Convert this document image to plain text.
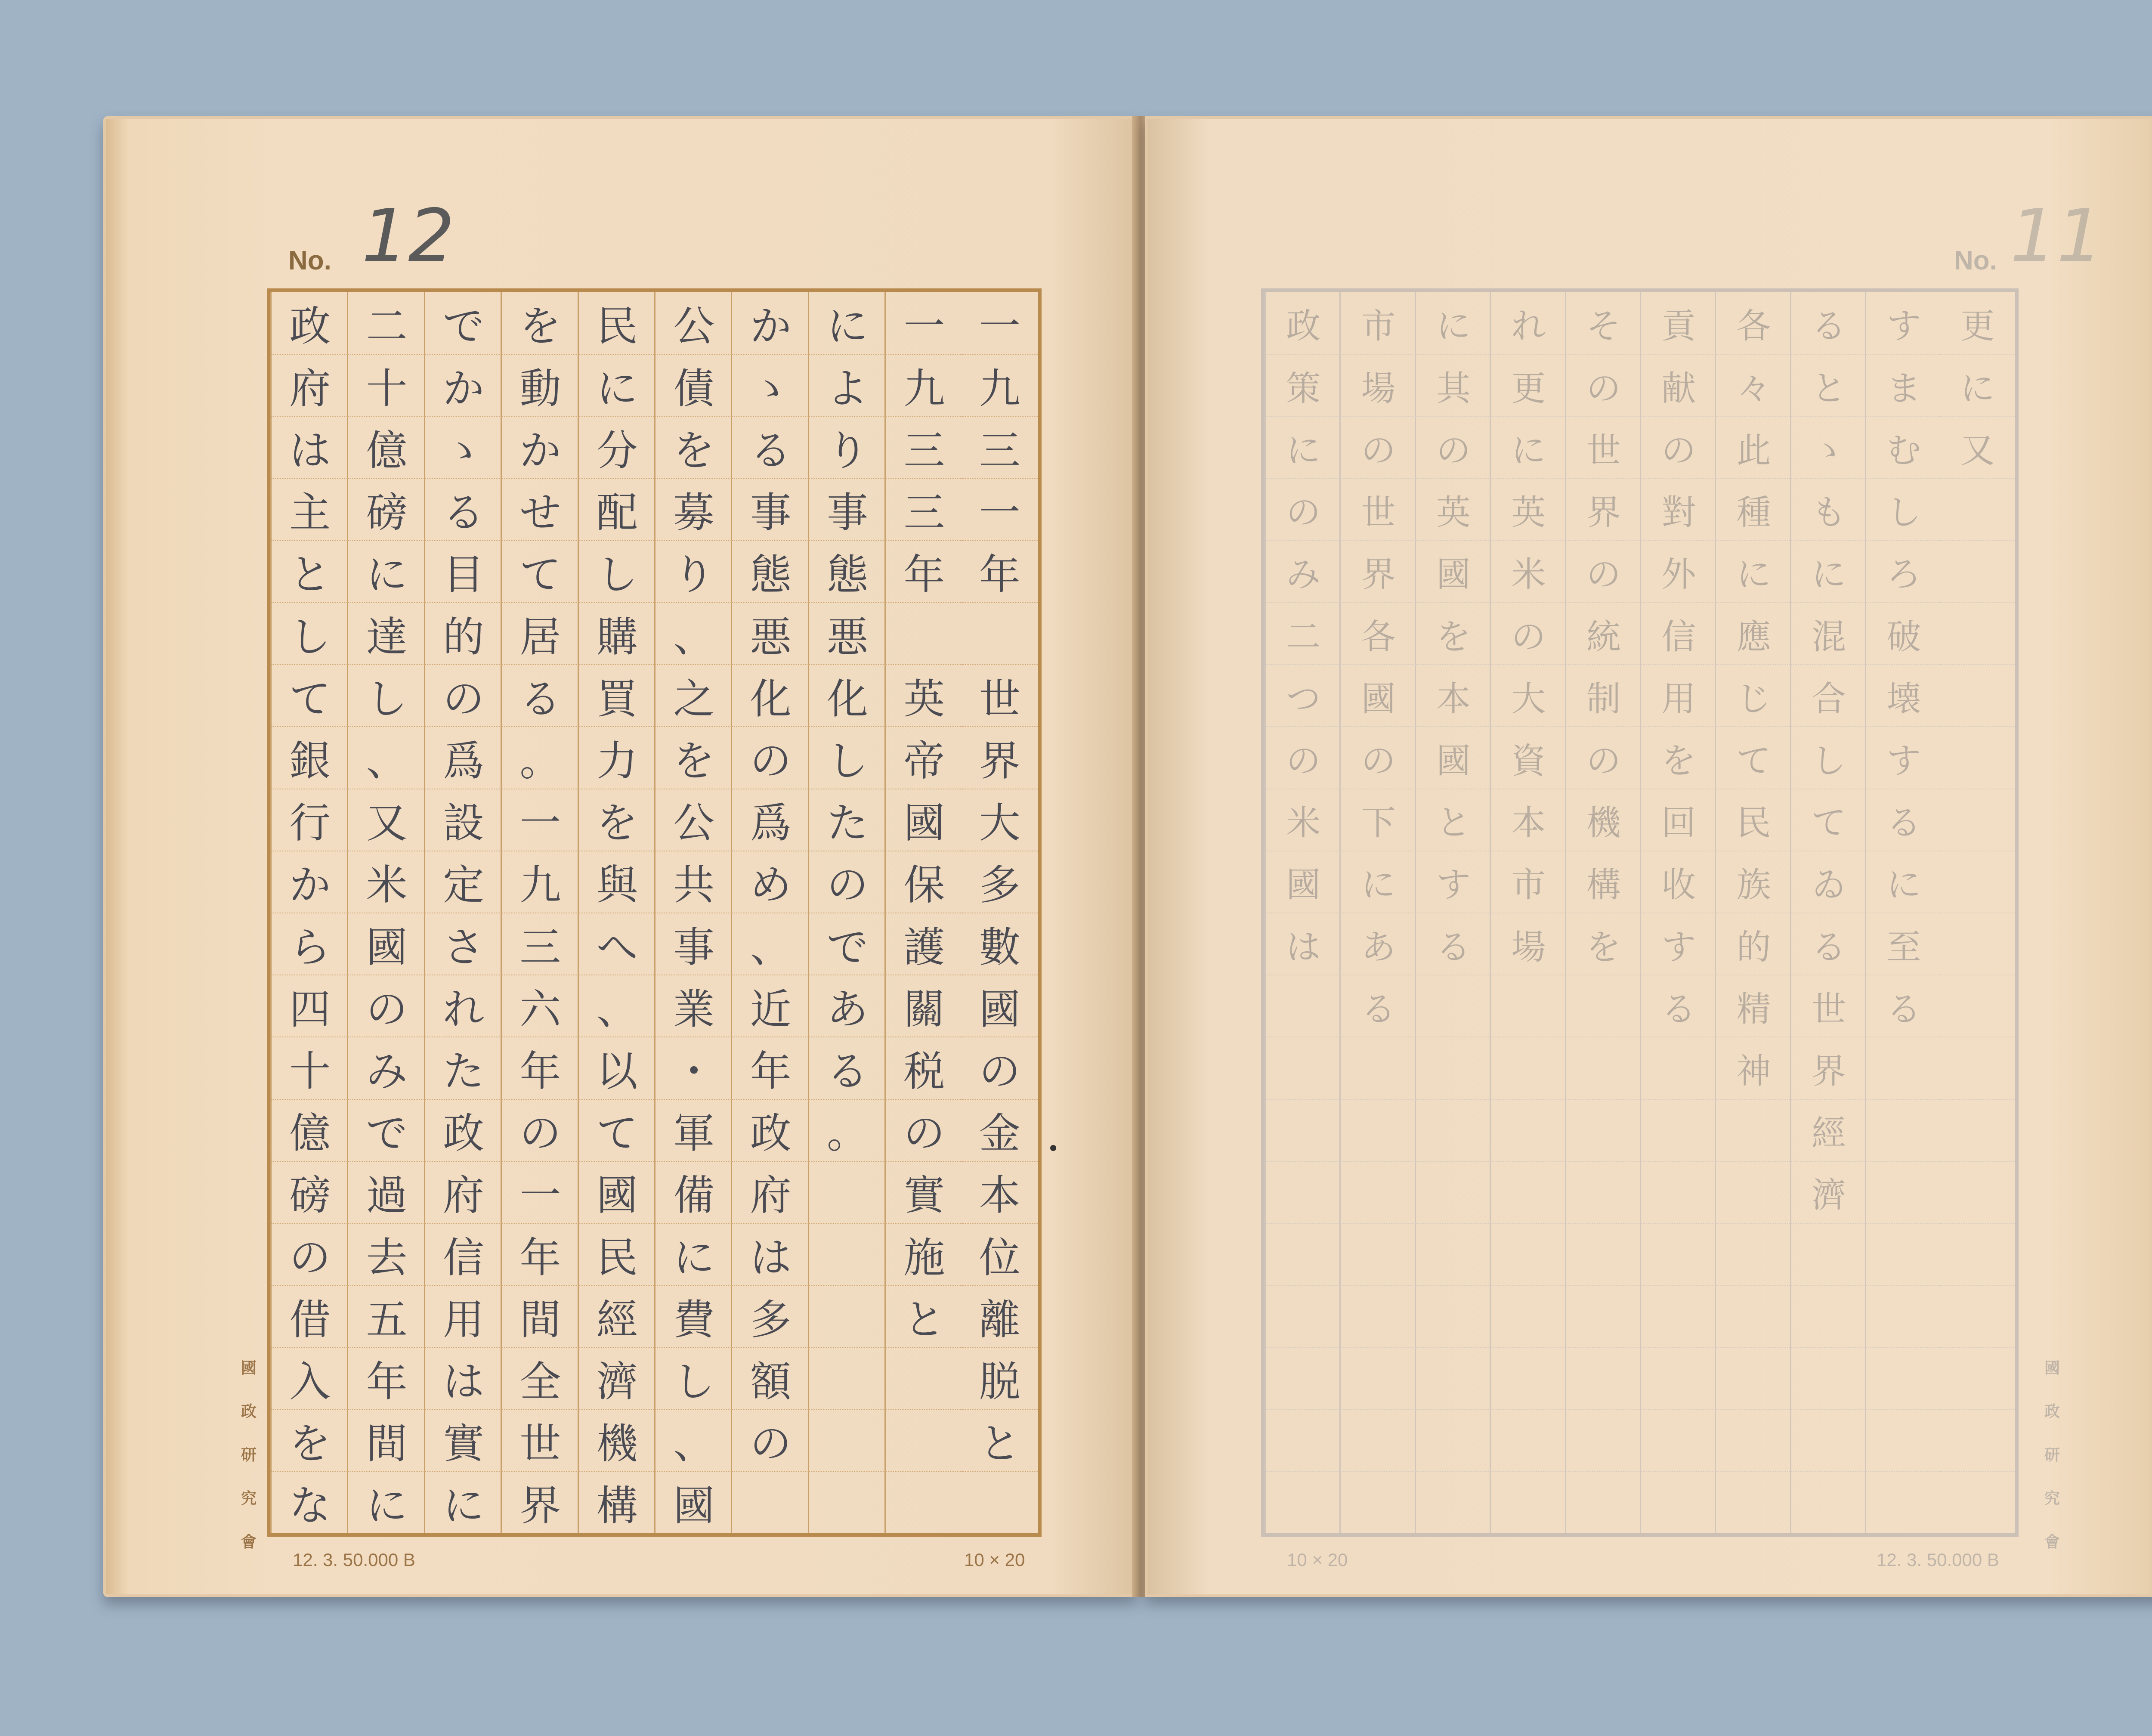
No. 12
一
九
三
一
年

世
界
大
多
數
國
の
金
本
位
離
脱
と
一
九
三
三
年

英
帝
國
保
護
關
税
の
實
施
と
に
よ
り
事
態
悪
化
し
た
の
で
あ
る
。
か
ゝ
る
事
態
悪
化
の
爲
め
、
近
年
政
府
は
多
額
の
公
債
を
募
り
、
之
を
公
共
事
業
・
軍
備
に
費
し
、
國
民
に
分
配
し
購
買
力
を
與
へ
、
以
て
國
民
經
濟
機
構
を
動
か
せ
て
居
る
。
一
九
三
六
年
の
一
年
間
全
世
界
で
か
ゝ
る
目
的
の
爲
設
定
さ
れ
た
政
府
信
用
は
實
に
二
十
億
磅
に
達
し
、
又
米
國
の
み
で
過
去
五
年
間
に
政
府
は
主
と
し
て
銀
行
か
ら
四
十
億
磅
の
借
入
を
な
國
政
研
究
會
12. 3. 50.000 B	10 × 20
No. 11
更
に
又
す
ま
む
し
ろ
破
壊
す
る
に
至
る
る
と
ゝ
も
に
混
合
し
て
ゐ
る
世
界
經
濟
各
々
此
種
に
應
じ
て
民
族
的
精
神
貢
献
の
對
外
信
用
を
回
收
す
る
そ
の
世
界
の
統
制
の
機
構
を
れ
更
に
英
米
の
大
資
本
市
場
に
其
の
英
國
を
本
國
と
す
る
市
場
の
世
界
各
國
の
下
に
あ
る
政
策
に
の
み
二
つ
の
米
國
は
國
政
研
究
會
10 × 20	12. 3. 50.000 B
